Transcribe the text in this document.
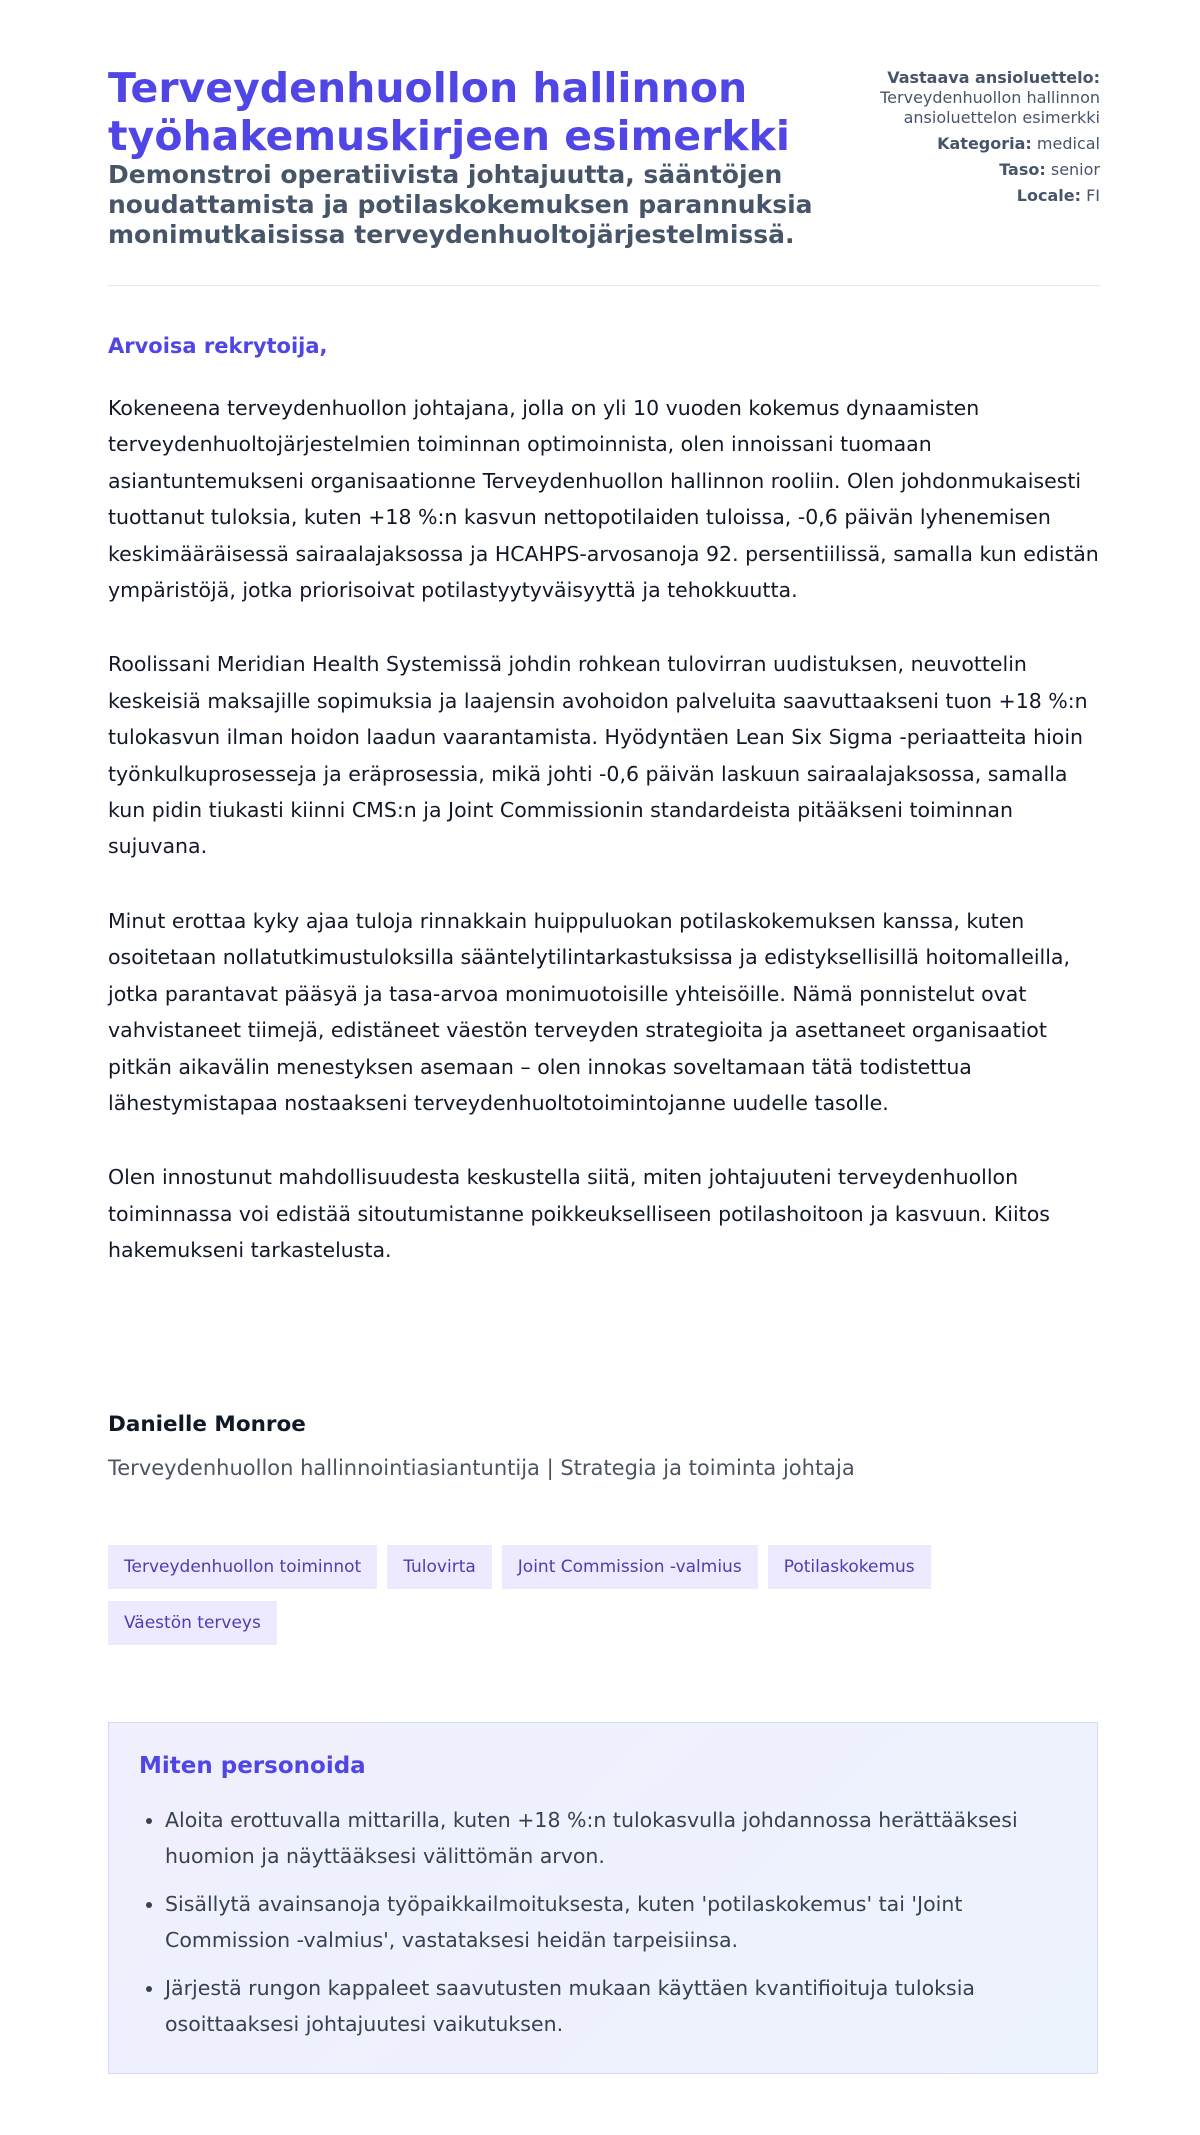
Terveydenhuollon hallinnon työhakemuskirjeen esimerkki
Demonstroi operatiivista johtajuutta, sääntöjen noudattamista ja potilaskokemuksen parannuksia monimutkaisissa terveydenhuoltojärjestelmissä.
Vastaava ansioluettelo:
Terveydenhuollon hallinnon ansioluettelon esimerkki
Kategoria: medical
Taso: senior
Locale: FI
Arvoisa rekrytoija,

Kokeneena terveydenhuollon johtajana, jolla on yli 10 vuoden kokemus dynaamisten terveydenhuoltojärjestelmien toiminnan optimoinnista, olen innoissani tuomaan asiantuntemukseni organisaationne Terveydenhuollon hallinnon rooliin. Olen johdonmukaisesti tuottanut tuloksia, kuten +18 %:n kasvun nettopotilaiden tuloissa, -0,6 päivän lyhenemisen keskimääräisessä sairaalajaksossa ja HCAHPS-arvosanoja 92. persentiilissä, samalla kun edistän ympäristöjä, jotka priorisoivat potilastyytyväisyyttä ja tehokkuutta.

Roolissani Meridian Health Systemissä johdin rohkean tulovirran uudistuksen, neuvottelin keskeisiä maksajille sopimuksia ja laajensin avohoidon palveluita saavuttaakseni tuon +18 %:n tulokasvun ilman hoidon laadun vaarantamista. Hyödyntäen Lean Six Sigma -periaatteita hioin työnkulkuprosesseja ja eräprosessia, mikä johti -0,6 päivän laskuun sairaalajaksossa, samalla kun pidin tiukasti kiinni CMS:n ja Joint Commissionin standardeista pitääkseni toiminnan sujuvana.

Minut erottaa kyky ajaa tuloja rinnakkain huippuluokan potilaskokemuksen kanssa, kuten osoitetaan nollatutkimustuloksilla sääntelytilintarkastuksissa ja edistyksellisillä hoitomalleilla, jotka parantavat pääsyä ja tasa-arvoa monimuotoisille yhteisöille. Nämä ponnistelut ovat vahvistaneet tiimejä, edistäneet väestön terveyden strategioita ja asettaneet organisaatiot pitkän aikavälin menestyksen asemaan – olen innokas soveltamaan tätä todistettua lähestymistapaa nostaakseni terveydenhuoltotoimintojanne uudelle tasolle.

Olen innostunut mahdollisuudesta keskustella siitä, miten johtajuuteni terveydenhuollon toiminnassa voi edistää sitoutumistanne poikkeukselliseen potilashoitoon ja kasvuun. Kiitos hakemukseni tarkastelusta.

Danielle Monroe
Terveydenhuollon hallinnointiasiantuntija | Strategia ja toiminta johtaja
Terveydenhuollon toiminnot Tulovirta Joint Commission -valmius Potilaskokemus
Väestön terveys
Miten personoida
• Aloita erottuvalla mittarilla, kuten +18 %:n tulokasvulla johdannossa herättääksesi huomion ja näyttääksesi välittömän arvon.
• Sisällytä avainsanoja työpaikkailmoituksesta, kuten 'potilaskokemus' tai 'Joint Commission -valmius', vastataksesi heidän tarpeisiinsa.
• Järjestä rungon kappaleet saavutusten mukaan käyttäen kvantifioituja tuloksia osoittaaksesi johtajuutesi vaikutuksen.
